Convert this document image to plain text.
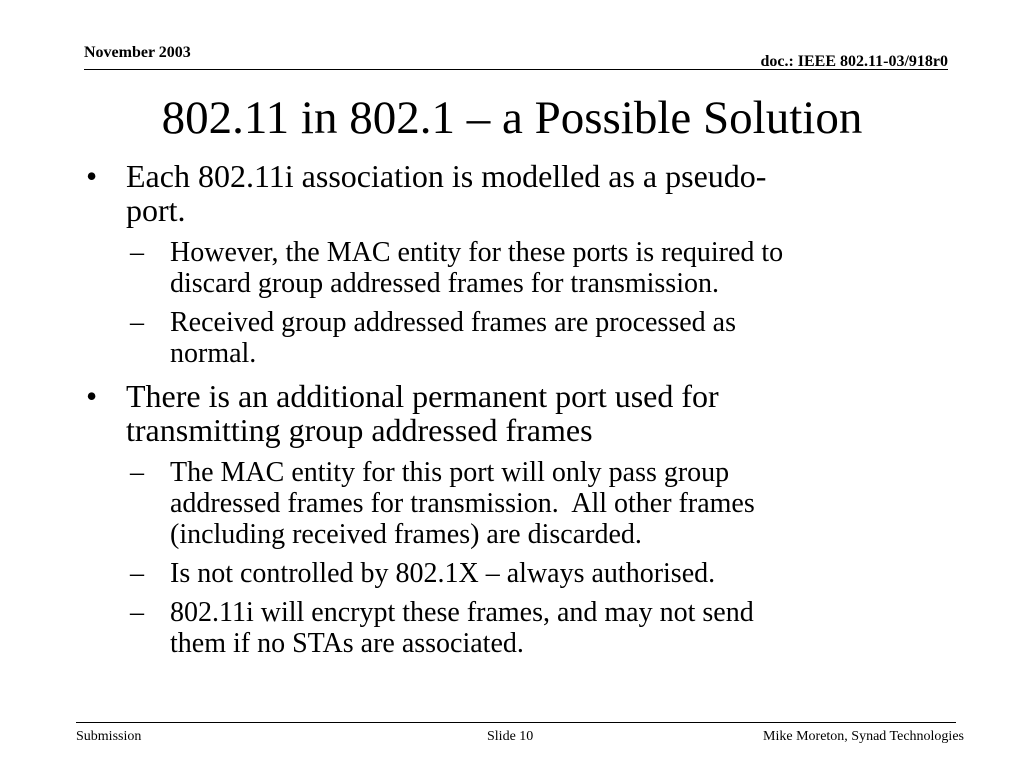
November 2003
doc.: IEEE 802.11-03/918r0
802.11 in 802.1 – a Possible Solution
• Each 802.11i association is modelled as a pseudo-
port.
– However, the MAC entity for these ports is required to
discard group addressed frames for transmission.
– Received group addressed frames are processed as
normal.
• There is an additional permanent port used for
transmitting group addressed frames
– The MAC entity for this port will only pass group
addressed frames for transmission.  All other frames
(including received frames) are discarded.
– Is not controlled by 802.1X – always authorised.
– 802.11i will encrypt these frames, and may not send
them if no STAs are associated.
Submission	Slide 10	Mike Moreton, Synad Technologies
